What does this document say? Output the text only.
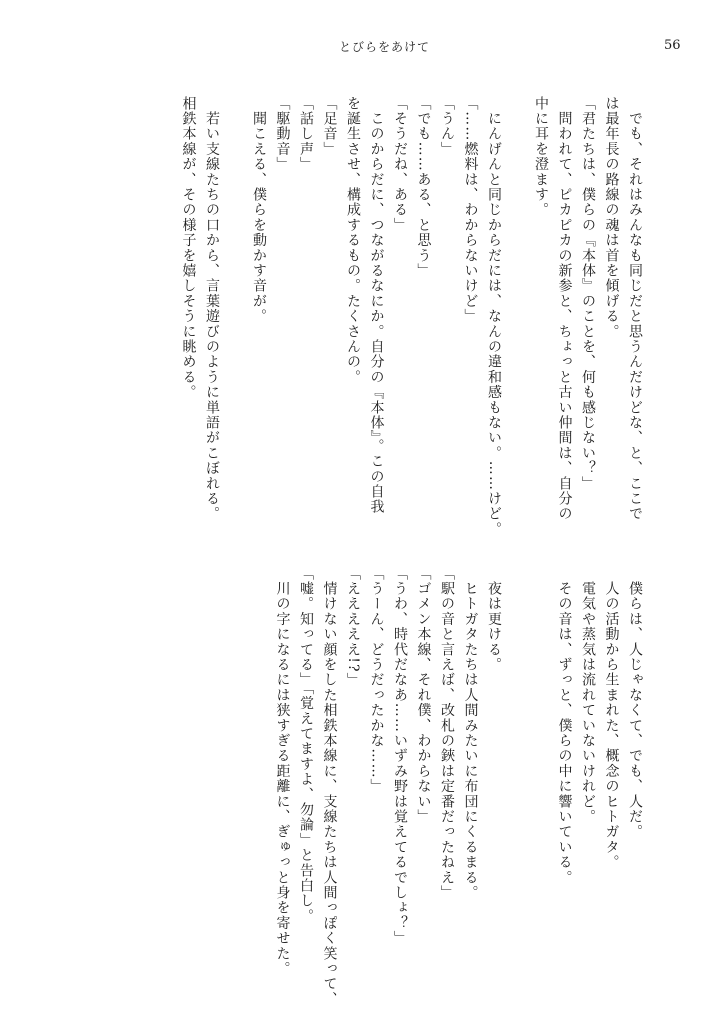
とびらをあけて	56
　でも、それはみんなも同じだと思うんだけどな、と、ここで
は最年長の路線の魂は首を傾げる。
「君たちは、僕らの『本体』のことを、何も感じない？」
　問われて、ピカピカの新参と、ちょっと古い仲間は、自分の
中に耳を澄ます。

　にんげんと同じからだには、なんの違和感もない。……けど。
「……燃料は、わからないけど」
「うん」
「でも……ある、と思う」
「そうだね、ある」
　このからだに、つながるなにか。自分の『本体』。この自我
を誕生させ、構成するもの。たくさんの。
「足音」
「話し声」
「駆動音」
　聞こえる、僕らを動かす音が。

　若い支線たちの口から、言葉遊びのように単語がこぼれる。
相鉄本線が、その様子を嬉しそうに眺める。
　僕らは、人じゃなくて、でも、人だ。
　人の活動から生まれた、概念のヒトガタ。
　電気や蒸気は流れていないけれど。
　その音は、ずっと、僕らの中に響いている。

　夜は更ける。
　ヒトガタたちは人間みたいに布団にくるまる。
「駅の音と言えば、改札の鋏は定番だったねえ」
「ゴメン本線、それ僕、わからない」
「うわ、時代だなあ……いずみ野は覚えてるでしょ？」
「うーん、どうだったかな……」
「えええええ!?」
　情けない顔をした相鉄本線に、支線たちは人間っぽく笑って、
「嘘。知ってる」「覚えてますよ、勿論」と告白し。
　川の字になるには狭すぎる距離に、ぎゅっと身を寄せた。
